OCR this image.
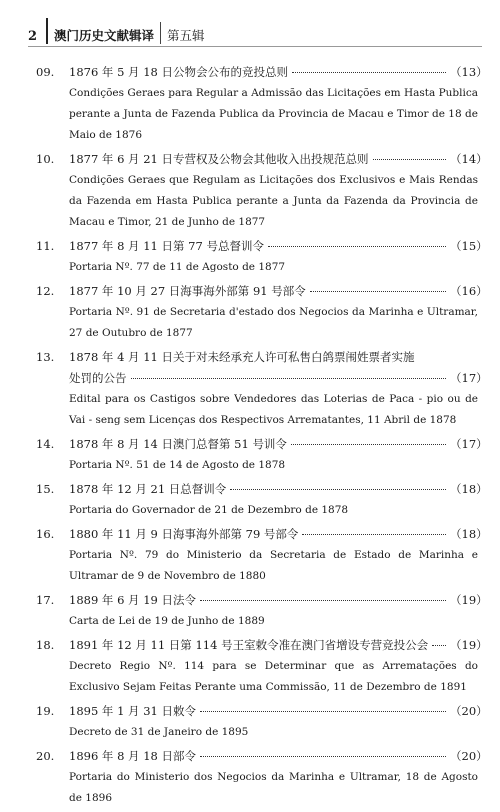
2	澳门历史文献辑译 第五辑
09.	1876 年 5 月 18 日公物会公布的竞投总则	（13）
Condições Geraes para Regular a Admissão das Licitações em Hasta Publica perante a Junta de Fazenda Publica da Provincia de Macau e Timor de 18 de Maio de 1876
10.	1877 年 6 月 21 日专营权及公物会其他收入出投规范总则	（14）
Condições Geraes que Regulam as Licitações dos Exclusivos e Mais Rendas da Fazenda em Hasta Publica perante a Junta da Fazenda da Provincia de Macau e Timor, 21 de Junho de 1877
11.	1877 年 8 月 11 日第 77 号总督训令	（15）
Portaria Nº. 77 de 11 de Agosto de 1877
12.	1877 年 10 月 27 日海事海外部第 91 号部令	（16）
Portaria Nº. 91 de Secretaria d'estado dos Negocios da Marinha e Ultramar, 27 de Outubro de 1877
13.	1878 年 4 月 11 日关于对未经承充人许可私售白鸽票闱姓票者实施
处罚的公告	（17）
Edital para os Castigos sobre Vendedores das Loterias de Paca - pio ou de Vai - seng sem Licenças dos Respectivos Arrematantes, 11 Abril de 1878
14.	1878 年 8 月 14 日澳门总督第 51 号训令	（17）
Portaria Nº. 51 de 14 de Agosto de 1878
15.	1878 年 12 月 21 日总督训令	（18）
Portaria do Governador de 21 de Dezembro de 1878
16.	1880 年 11 月 9 日海事海外部第 79 号部令	（18）
Portaria Nº. 79 do Ministerio da Secretaria de Estado de Marinha e Ultramar de 9 de Novembro de 1880
17.	1889 年 6 月 19 日法令	（19）
Carta de Lei de 19 de Junho de 1889
18.	1891 年 12 月 11 日第 114 号王室敕令准在澳门省增设专营竞投公会 （19）
Decreto Regio Nº. 114 para se Determinar que as Arrematações do Exclusivo Sejam Feitas Perante uma Commissão, 11 de Dezembro de 1891
19.	1895 年 1 月 31 日敕令	（20）
Decreto de 31 de Janeiro de 1895
20.	1896 年 8 月 18 日部令	（20）
Portaria do Ministerio dos Negocios da Marinha e Ultramar, 18 de Agosto de 1896
